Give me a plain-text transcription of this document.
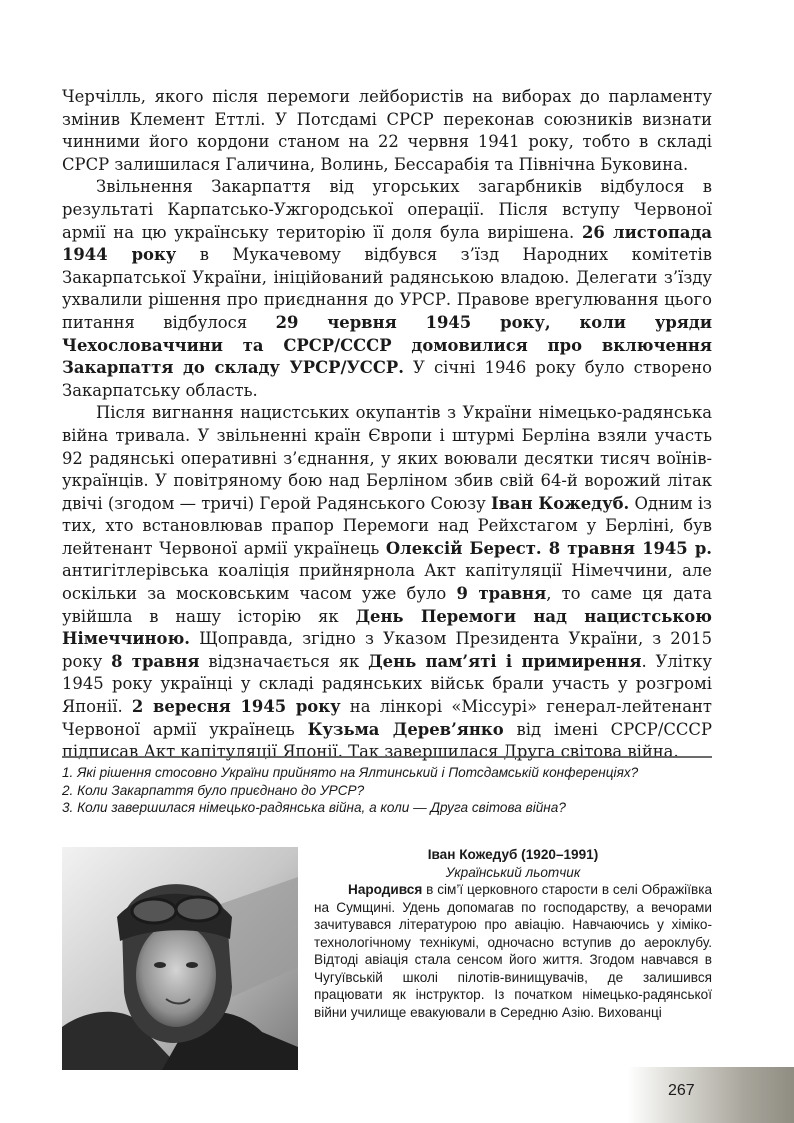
Черчілль, якого після перемоги лейбористів на виборах до парламенту змінив Клемент Еттлі. У Потсдамі СРСР переконав союзників визнати чинними його кордони станом на 22 червня 1941 року, тобто в складі СРСР залишилася Галичина, Волинь, Бессарабія та Північна Буковина.

Звільнення Закарпаття від угорських загарбників відбулося в результаті Карпатсько-Ужгородської операції. Після вступу Червоної армії на цю українську територію її доля була вирішена. 26 листопада 1944 року в Мукачевому відбувся з’їзд Народних комітетів Закарпатської України, ініційований радянською владою. Делегати з’їзду ухвалили рішення про приєднання до УРСР. Правове врегулювання цього питання відбулося 29 червня 1945 року, коли уряди Чехословаччини та СРСР/СССР домовилися про включення Закарпаття до складу УРСР/УССР. У січні 1946 року було створено Закарпатську область.

Після вигнання нацистських окупантів з України німецько-радянська війна тривала. У звільненні країн Європи і штурмі Берліна взяли участь 92 радянські оперативні з’єднання, у яких воювали десятки тисяч воїнів-українців. У повітряному бою над Берліном збив свій 64-й ворожий літак двічі (згодом — тричі) Герой Радянського Союзу Іван Кожедуб. Одним із тих, хто встановлював прапор Перемоги над Рейхстагом у Берліні, був лейтенант Червоної армії українець Олексій Берест. 8 травня 1945 р. антигітлерівська коаліція прийнярнола Акт капітуляції Німеччини, але оскільки за московським часом уже було 9 травня, то саме ця дата увійшла в нашу історію як День Перемоги над нацистською Німеччиною. Щоправда, згідно з Указом Президента України, з 2015 року 8 травня відзначається як День пам’яті і примирення. Улітку 1945 року українці у складі радянських військ брали участь у розгромі Японії. 2 вересня 1945 року на лінкорі «Міссурі» генерал-лейтенант Червоної армії українець Кузьма Дерев’янко від імені СРСР/СССР підписав Акт капітуляції Японії. Так завершилася Друга світова війна.

1. Які рішення стосовно України прийнято на Ялтинський і Потсдамській конференціях?
2. Коли Закарпаття було приєднано до УРСР?
3. Коли завершилася німецько-радянська війна, а коли — Друга світова війна?
Іван Кожедуб (1920–1991)
Український льотчик

Народився в сім’ї церковного старости в селі Ображіївка на Сумщині. Удень допомагав по господарству, а вечорами зачитувався літературою про авіацію. Навчаючись у хіміко-технологічному технікумі, одночасно вступив до аероклубу. Відтоді авіація стала сенсом його життя. Згодом навчався в Чугуївській школі пілотів-винищувачів, де залишився працювати як інструктор. Із початком німецько-радянської війни училище евакуювали в Середню Азію. Вихованці

267
